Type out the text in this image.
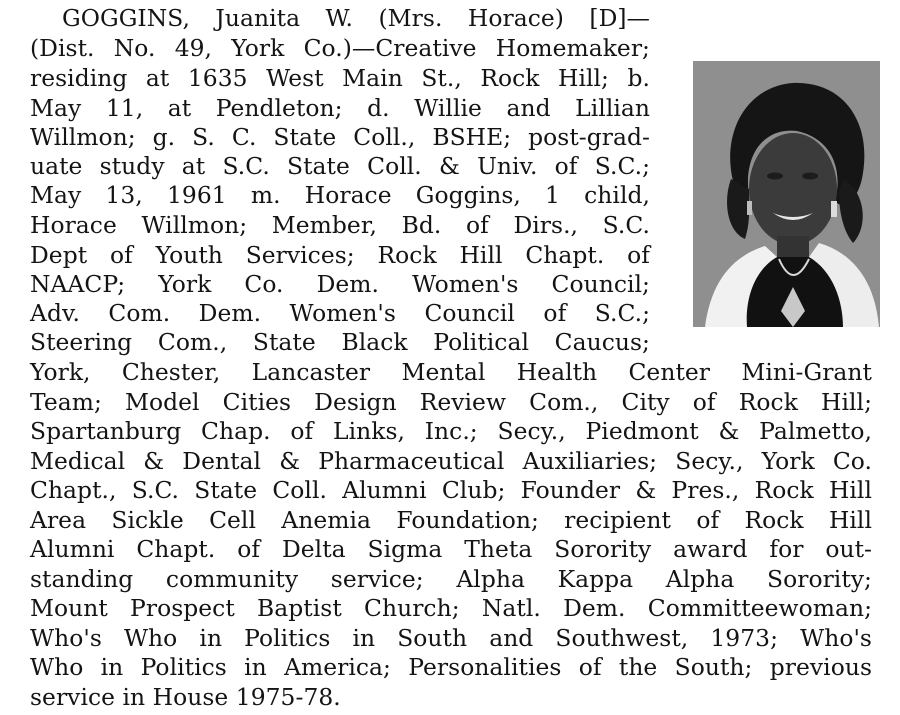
GOGGINS, Juanita W. (Mrs. Horace) [D]—
(Dist. No. 49, York Co.)—Creative Homemaker;
residing at 1635 West Main St., Rock Hill; b.
May 11, at Pendleton; d. Willie and Lillian
Willmon; g. S. C. State Coll., BSHE; post-grad-
uate study at S.C. State Coll. & Univ. of S.C.;
May 13, 1961 m. Horace Goggins, 1 child,
Horace Willmon; Member, Bd. of Dirs., S.C.
Dept of Youth Services; Rock Hill Chapt. of
NAACP; York Co. Dem. Women's Council;
Adv. Com. Dem. Women's Council of S.C.;
Steering Com., State Black Political Caucus;
York, Chester, Lancaster Mental Health Center Mini-Grant
Team; Model Cities Design Review Com., City of Rock Hill;
Spartanburg Chap. of Links, Inc.; Secy., Piedmont & Palmetto,
Medical & Dental & Pharmaceutical Auxiliaries; Secy., York Co.
Chapt., S.C. State Coll. Alumni Club; Founder & Pres., Rock Hill
Area Sickle Cell Anemia Foundation; recipient of Rock Hill
Alumni Chapt. of Delta Sigma Theta Sorority award for out-
standing community service; Alpha Kappa Alpha Sorority;
Mount Prospect Baptist Church; Natl. Dem. Committeewoman;
Who's Who in Politics in South and Southwest, 1973; Who's
Who in Politics in America; Personalities of the South; previous
service in House 1975-78.
